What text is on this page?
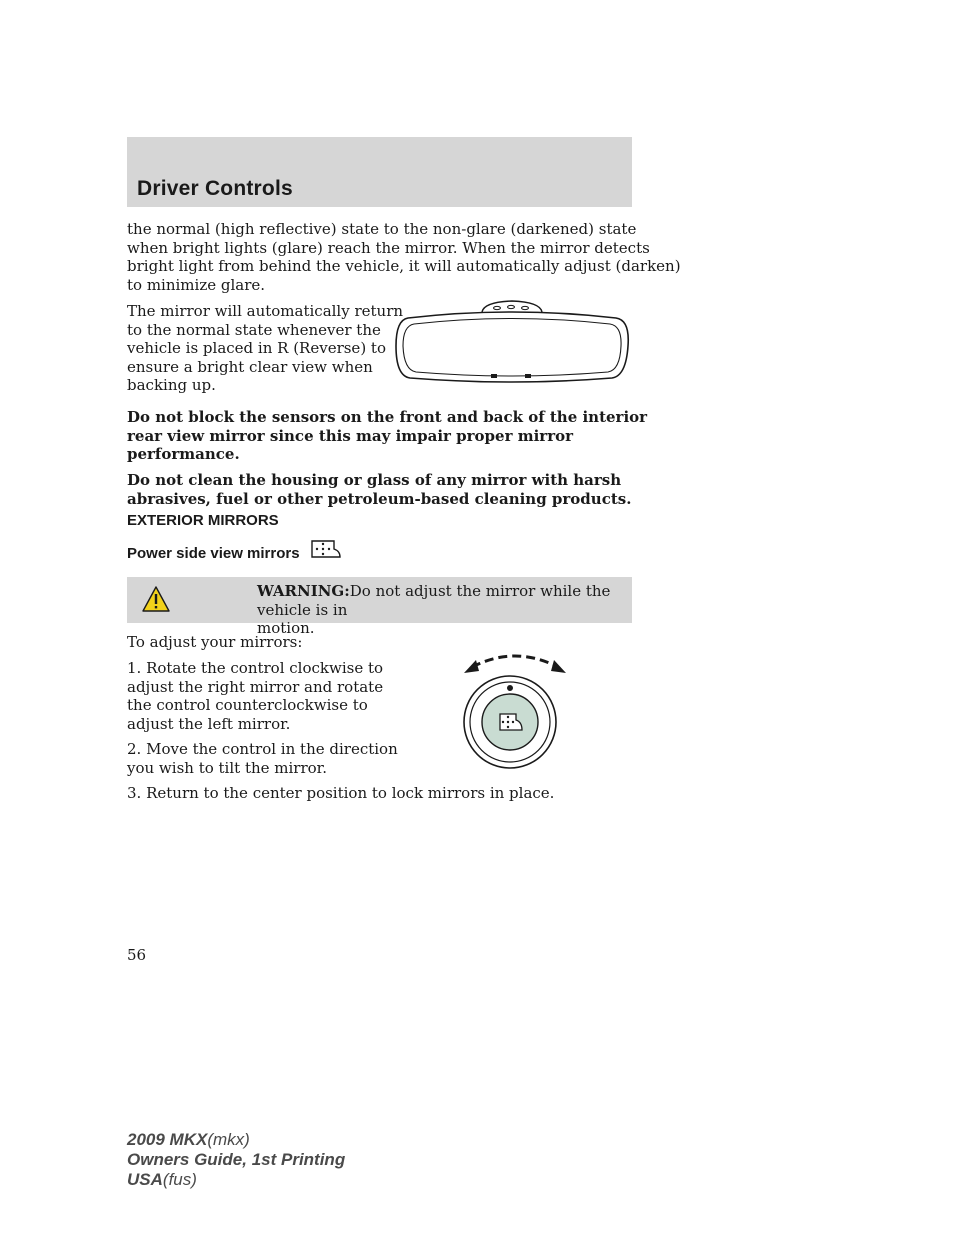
Driver Controls

the normal (high reflective) state to the non-glare (darkened) state

when bright lights (glare) reach the mirror. When the mirror detects

bright light from behind the vehicle, it will automatically adjust (darken)

to minimize glare.

The mirror will automatically return

to the normal state whenever the

vehicle is placed in R (Reverse) to

ensure a bright clear view when

backing up.

Do not block the sensors on the front and back of the interior

rear view mirror since this may impair proper mirror

performance.

Do not clean the housing or glass of any mirror with harsh

abrasives, fuel or other petroleum-based cleaning products.

EXTERIOR MIRRORS

Power side view mirrors
WARNING:Do not adjust the mirror while the vehicle is in
motion.

To adjust your mirrors:

1. Rotate the control clockwise to

adjust the right mirror and rotate

the control counterclockwise to

adjust the left mirror.

2. Move the control in the direction

you wish to tilt the mirror.

3. Return to the center position to lock mirrors in place.

56
2009 MKX(mkx)
Owners Guide, 1st Printing
USA(fus)
